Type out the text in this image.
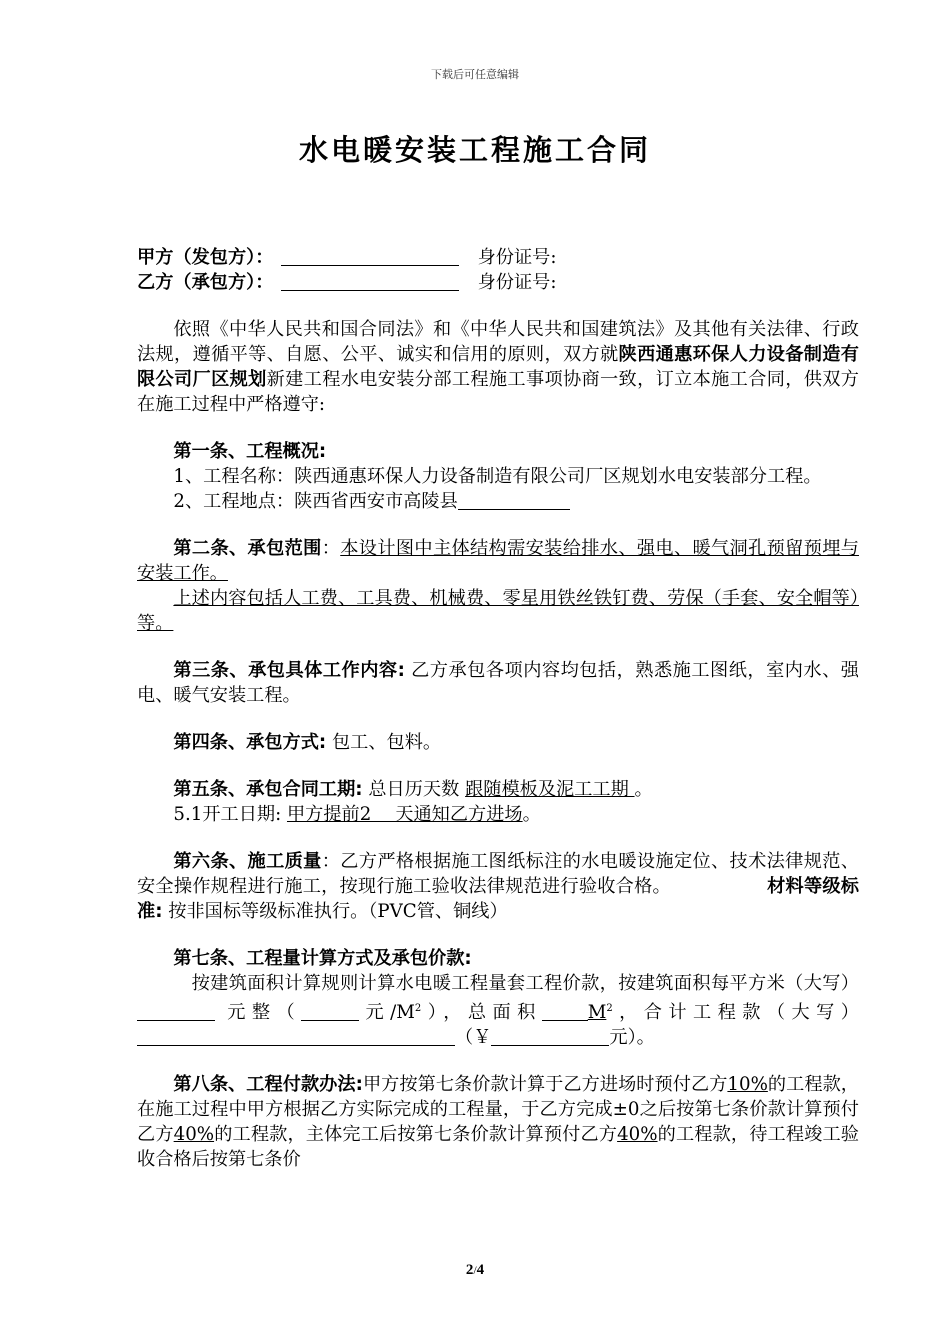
下载后可任意编辑
水电暖安装工程施工合同

甲方（发包方）：　	身份证号:

乙方（承包方）：　	身份证号:

依照《中华人民共和国合同法》和《中华人民共和国建筑法》及其他有关法律、行政法规，遵循平等、自愿、公平、诚实和信用的原则，双方就陕西通惠环保人力设备制造有限公司厂区规划新建工程水电安装分部工程施工事项协商一致，订立本施工合同，供双方在施工过程中严格遵守:

第一条、工程概况:

1、工程名称：陕西通惠环保人力设备制造有限公司厂区规划水电安装部分工程。

2、工程地点：陕西省西安市高陵县

第二条、承包范围：本设计图中主体结构需安装给排水、强电、暖气洞孔预留预埋与安装工作。

上述内容包括人工费、工具费、机械费、零星用铁丝铁钉费、劳保（手套、安全帽等）等。

第三条、承包具体工作内容: 乙方承包各项内容均包括，熟悉施工图纸，室内水、强电、暖气安装工程。

第四条、承包方式: 包工、包料。

第五条、承包合同工期: 总日历天数 跟随模板及泥工工期 。

5.1开工日期: 甲方提前2　 天通知乙方进场。

第六条、施工质量：乙方严格根据施工图纸标注的水电暖设施定位、技术法律规范、安全操作规程进行施工，按现行施工验收法律规范进行验收合格。	材料等级标准: 按非国标等级标准执行。（PVC管、铜线）

第七条、工程量计算方式及承包价款:

按建筑面积计算规则计算水电暖工程量套工程价款，按建筑面积每平方米（大写） 元整（	元$/M^2$），总面积	$M^2$，合计工程款（大写）（￥	元）。

第八条、工程付款办法:甲方按第七条价款计算于乙方进场时预付乙方10%的工程款，在施工过程中甲方根据乙方实际完成的工程量，于乙方完成±0之后按第七条价款计算预付乙方40%的工程款，主体完工后按第七条价款计算预付乙方40%的工程款，待工程竣工验收合格后按第七条价

2/4
